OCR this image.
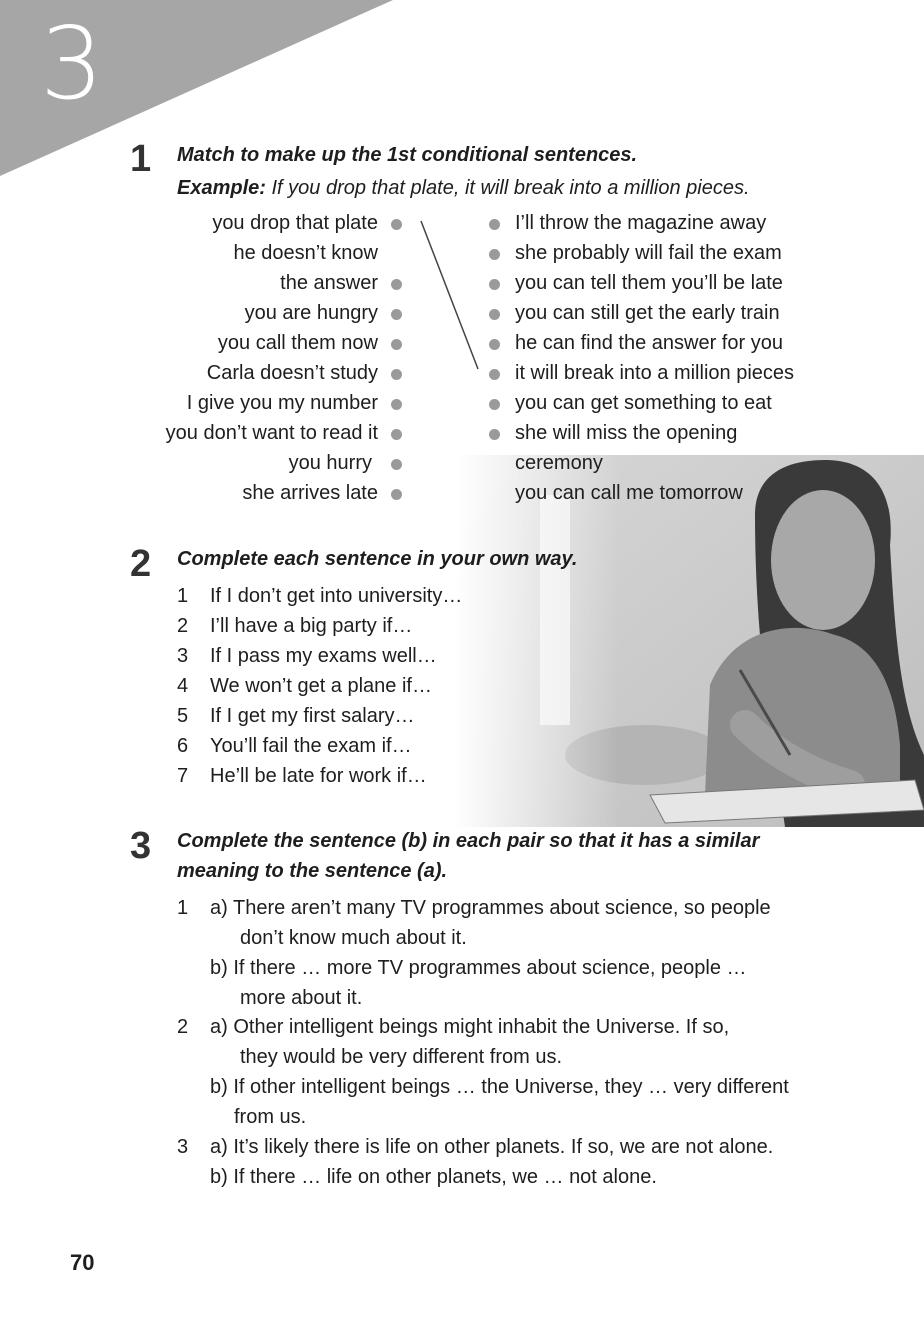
3
1 Match to make up the 1st conditional sentences.
Example: If you drop that plate, it will break into a million pieces.
you drop that plate
he doesn’t know
the answer
you are hungry
you call them now
Carla doesn’t study
I give you my number
you don’t want to read it
you hurry
she arrives late
I’ll throw the magazine away
she probably will fail the exam
you can tell them you’ll be late
you can still get the early train
he can find the answer for you
it will break into a million pieces
you can get something to eat
she will miss the opening
ceremony
you can call me tomorrow
2 Complete each sentence in your own way.
1 If I don’t get into university…
2 I’ll have a big party if…
3 If I pass my exams well…
4 We won’t get a plane if…
5 If I get my first salary…
6 You’ll fail the exam if…
7 He’ll be late for work if…
3 Complete the sentence (b) in each pair so that it has a similar
meaning to the sentence (a).
1 a) There aren’t many TV programmes about science, so people
don’t know much about it.
b) If there … more TV programmes about science, people …
more about it.
2 a) Other intelligent beings might inhabit the Universe. If so,
they would be very different from us.
b) If other intelligent beings … the Universe, they … very different
from us.
3 a) It’s likely there is life on other planets. If so, we are not alone.
b) If there … life on other planets, we … not alone.
70
